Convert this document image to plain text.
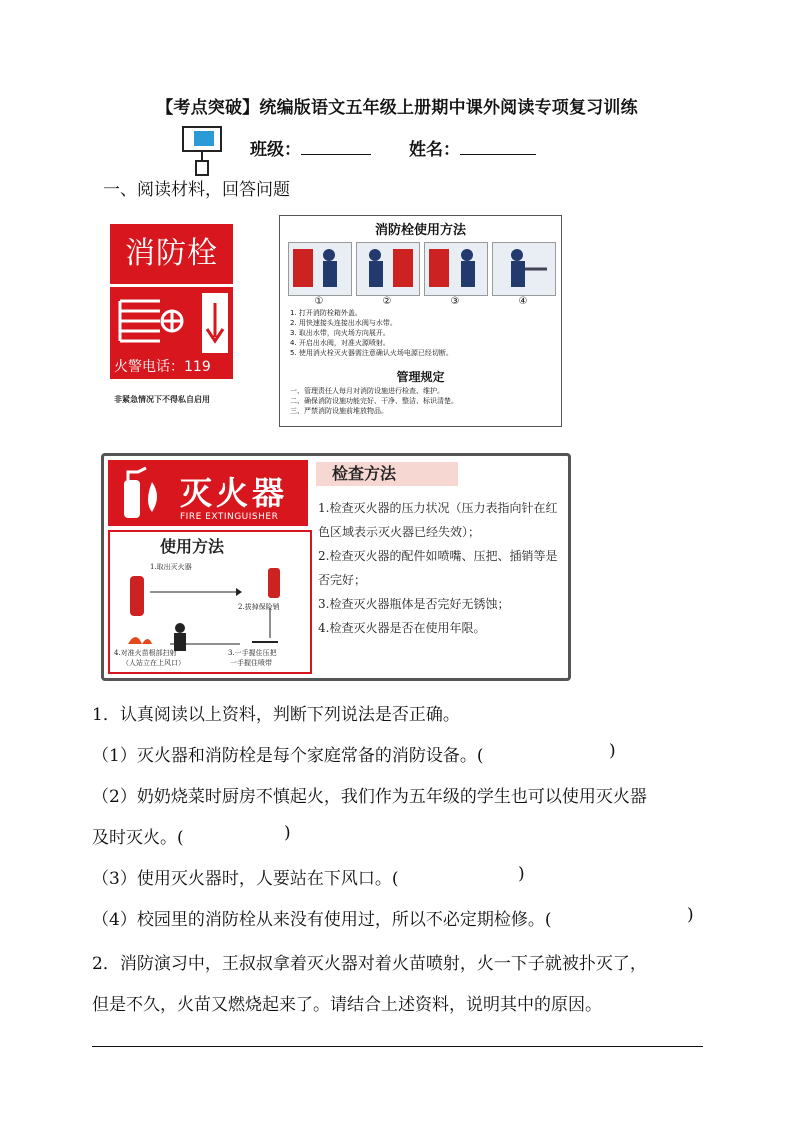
【考点突破】统编版语文五年级上册期中课外阅读专项复习训练
班级：	姓名：
一、阅读材料，回答问题
消防栓
火警电话：119
非紧急情况下不得私自启用
消防栓使用方法
①	②	③	④
1. 打开消防栓箱外盖。
2. 用快速接头连接出水阀与水带。
3. 取出水带，向火场方向展开。
4. 开启出水阀，对准火源喷射。
5. 使用消火栓灭火器需注意确认火场电源已经切断。
管理规定
一、管理责任人每月对消防设施进行检查、维护。
二、确保消防设施功能完好、干净、整洁、标识清楚。
三、严禁消防设施前堆放物品。
灭火器
FIRE EXTINGUISHER
使用方法
1.取出灭火器
2.拔掉保险销
3.一手握住压把
一手握住喷带
4.对准火苗根部扫射
（人站立在上风口）
检查方法
1.检查灭火器的压力状况（压力表指向针在红色区域表示灭火器已经失效）；
2.检查灭火器的配件如喷嘴、压把、插销等是否完好；
3.检查灭火器瓶体是否完好无锈蚀；
4.检查灭火器是否在使用年限。
1．认真阅读以上资料，判断下列说法是否正确。
（1）灭火器和消防栓是每个家庭常备的消防设备。(	)
（2）奶奶烧菜时厨房不慎起火，我们作为五年级的学生也可以使用灭火器
及时灭火。(	)
（3）使用灭火器时，人要站在下风口。(	)
（4）校园里的消防栓从来没有使用过，所以不必定期检修。(	)
2．消防演习中，王叔叔拿着灭火器对着火苗喷射，火一下子就被扑灭了，
但是不久，火苗又燃烧起来了。请结合上述资料，说明其中的原因。
